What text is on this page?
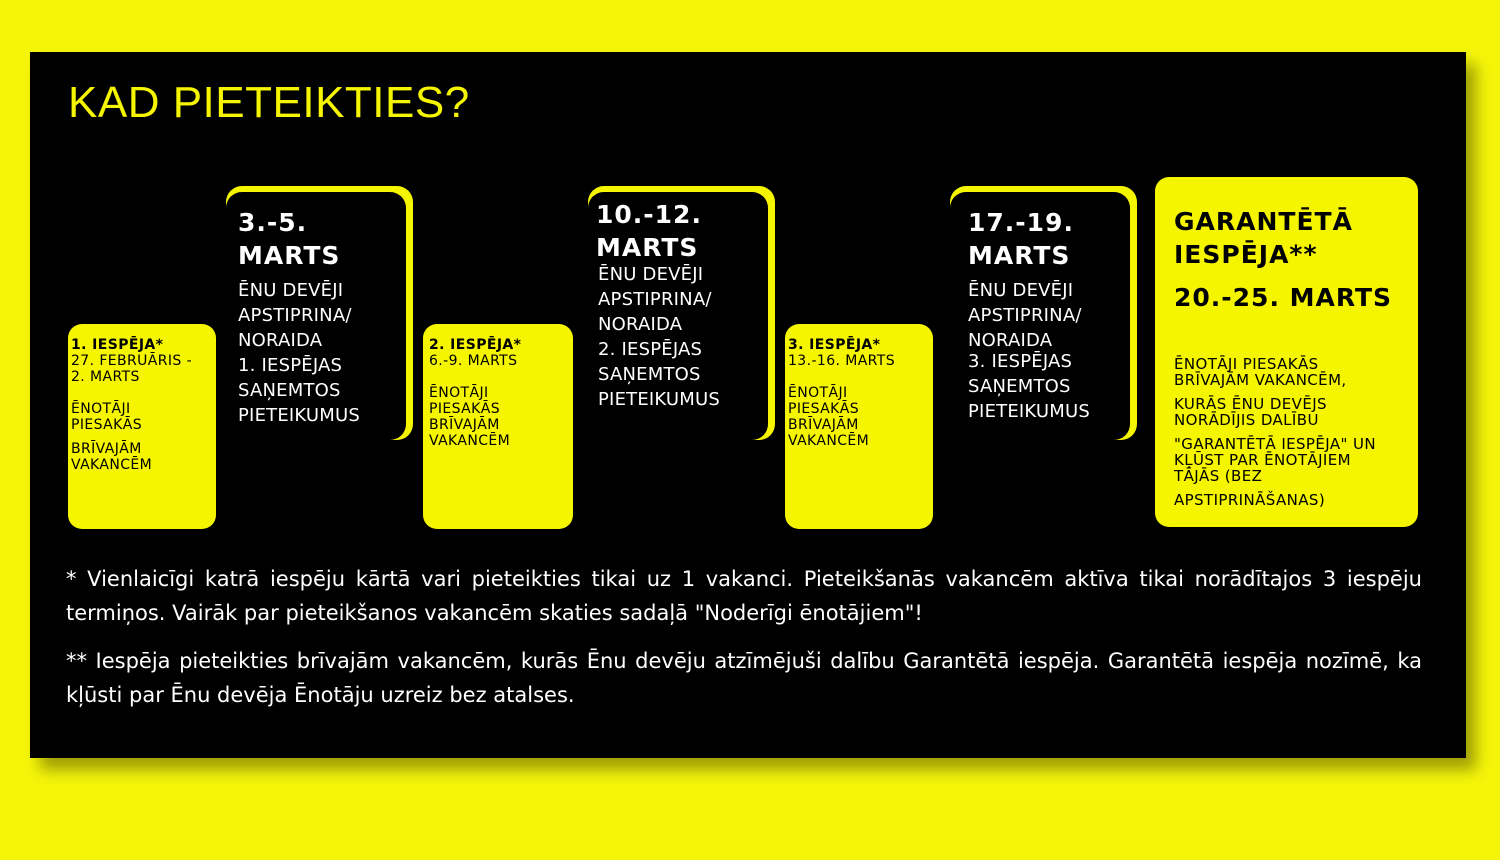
KAD PIETEIKTIES?
1. IESPĒJA*
27. FEBRUĀRIS -
2. MARTS
ĒNOTĀJI
PIESAKĀS
BRĪVAJĀM
VAKANCĒM
3.-5.
MARTS
ĒNU DEVĒJI
APSTIPRINA/
NORAIDA
1. IESPĒJAS
SAŅEMTOS
PIETEIKUMUS
2. IESPĒJA*
6.-9. MARTS
ĒNOTĀJI
PIESAKĀS
BRĪVAJĀM
VAKANCĒM
10.-12.
MARTS
ĒNU DEVĒJI
APSTIPRINA/
NORAIDA
2. IESPĒJAS
SAŅEMTOS
PIETEIKUMUS
3. IESPĒJA*
13.-16. MARTS
ĒNOTĀJI
PIESAKĀS
BRĪVAJĀM
VAKANCĒM
17.-19.
MARTS
ĒNU DEVĒJI
APSTIPRINA/
NORAIDA
3. IESPĒJAS
SAŅEMTOS
PIETEIKUMUS
GARANTĒTĀ
IESPĒJA**
20.-25. MARTS
ĒNOTĀJI PIESAKĀS
BRĪVAJĀM VAKANCĒM,
KURĀS ĒNU DEVĒJS
NORĀDĪJIS DALĪBU
"GARANTĒTĀ IESPĒJA" UN
KĻŪST PAR ĒNOTĀJIEM
TĀJĀS (BEZ
APSTIPRINĀŠANAS)
* Vienlaicīgi katrā iespēju kārtā vari pieteikties tikai uz 1 vakanci. Pieteikšanās vakancēm aktīva tikai norādītajos 3 iespēju termiņos. Vairāk par pieteikšanos vakancēm skaties sadaļā "Noderīgi ēnotājiem"!
** Iespēja pieteikties brīvajām vakancēm, kurās Ēnu devēju atzīmējuši dalību Garantētā iespēja. Garantētā iespēja nozīmē, ka kļūsti par Ēnu devēja Ēnotāju uzreiz bez atalses.
